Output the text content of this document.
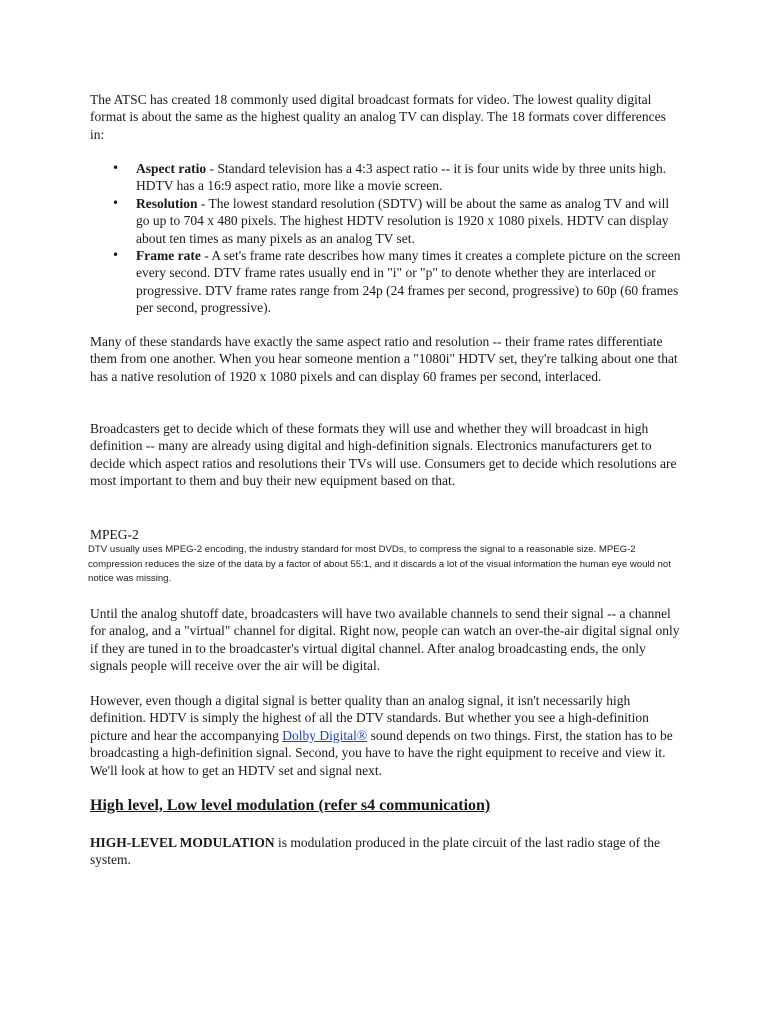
The ATSC has created 18 commonly used digital broadcast formats for video. The lowest quality digital format is about the same as the highest quality an analog TV can display. The 18 formats cover differences in:

• Aspect ratio - Standard television has a 4:3 aspect ratio -- it is four units wide by three units high. HDTV has a 16:9 aspect ratio, more like a movie screen.
• Resolution - The lowest standard resolution (SDTV) will be about the same as analog TV and will go up to 704 x 480 pixels. The highest HDTV resolution is 1920 x 1080 pixels. HDTV can display about ten times as many pixels as an analog TV set.
• Frame rate - A set's frame rate describes how many times it creates a complete picture on the screen every second. DTV frame rates usually end in "i" or "p" to denote whether they are interlaced or progressive. DTV frame rates range from 24p (24 frames per second, progressive) to 60p (60 frames per second, progressive).

Many of these standards have exactly the same aspect ratio and resolution -- their frame rates differentiate them from one another. When you hear someone mention a "1080i" HDTV set, they're talking about one that has a native resolution of 1920 x 1080 pixels and can display 60 frames per second, interlaced.

Broadcasters get to decide which of these formats they will use and whether they will broadcast in high definition -- many are already using digital and high-definition signals. Electronics manufacturers get to decide which aspect ratios and resolutions their TVs will use. Consumers get to decide which resolutions are most important to them and buy their new equipment based on that.

MPEG-2

DTV usually uses MPEG-2 encoding, the industry standard for most DVDs, to compress the signal to a reasonable size. MPEG-2 compression reduces the size of the data by a factor of about 55:1, and it discards a lot of the visual information the human eye would not notice was missing.

Until the analog shutoff date, broadcasters will have two available channels to send their signal -- a channel for analog, and a "virtual" channel for digital. Right now, people can watch an over-the-air digital signal only if they are tuned in to the broadcaster's virtual digital channel. After analog broadcasting ends, the only signals people will receive over the air will be digital.

However, even though a digital signal is better quality than an analog signal, it isn't necessarily high definition. HDTV is simply the highest of all the DTV standards. But whether you see a high-definition picture and hear the accompanying Dolby Digital® sound depends on two things. First, the station has to be broadcasting a high-definition signal. Second, you have to have the right equipment to receive and view it. We'll look at how to get an HDTV set and signal next.

High level, Low level modulation (refer s4 communication)

HIGH-LEVEL MODULATION is modulation produced in the plate circuit of the last radio stage of the system.
